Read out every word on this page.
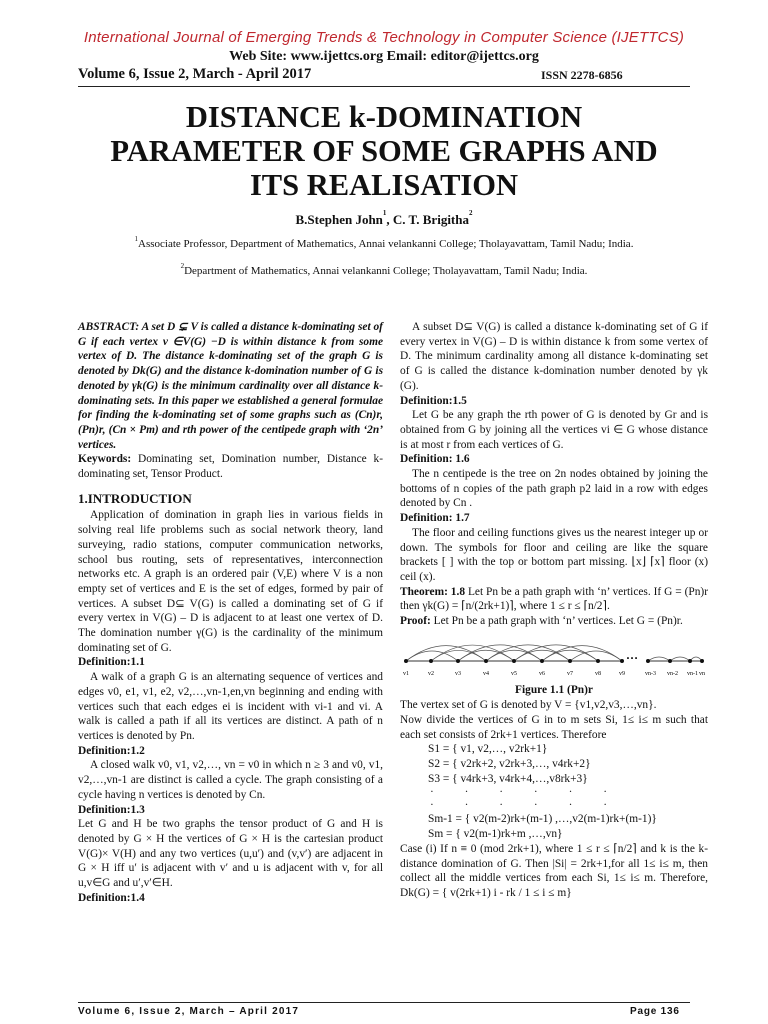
International Journal of Emerging Trends & Technology in Computer Science (IJETTCS)
Web Site: www.ijettcs.org Email: editor@ijettcs.org
Volume 6, Issue 2, March - April 2017	ISSN 2278-6856
DISTANCE k-DOMINATION
PARAMETER OF SOME GRAPHS AND
ITS REALISATION
B.Stephen John$^1$, C. T. Brigitha$^2$
$^1$Associate Professor, Department of Mathematics, Annai velankanni College; Tholayavattam, Tamil Nadu; India.
$^2$Department of Mathematics, Annai velankanni College; Tholayavattam, Tamil Nadu; India.

ABSTRACT: A set D ⊊ V is called a distance k-dominating set of G if each vertex v ∈V(G) −D is within distance k from some vertex of D. The distance k-dominating set of the graph G is denoted by Dk(G) and the distance k-domination number of G is denoted by γk(G) is the minimum cardinality over all distance k-dominating sets. In this paper we established a general formulae for finding the k-dominating set of some graphs such as (Cn)r, (Pn)r, (Cn × Pm) and rth power of the centipede graph with ‘2n’ vertices.

Keywords: Dominating set, Domination number, Distance k- dominating set, Tensor Product.

1.INTRODUCTION

Application of domination in graph lies in various fields in solving real life problems such as social network theory, land surveying, radio stations, computer communication networks, school bus routing, sets of representatives, interconnection networks etc. A graph is an ordered pair (V,E) where V is a non empty set of vertices and E is the set of edges, formed by pair of vertices. A subset D⊆ V(G) is called a dominating set of G if every vertex in V(G) – D is adjacent to at least one vertex of D. The domination number γ(G) is the cardinality of the minimum dominating set of G.

Definition:1.1

A walk of a graph G is an alternating sequence of vertices and edges v0, e1, v1, e2, v2,…,vn-1,en,vn beginning and ending with vertices such that each edges ei is incident with vi-1 and vi. A walk is called a path if all its vertices are distinct. A path of n vertices is denoted by Pn.

Definition:1.2

A closed walk v0, v1, v2,…, vn = v0 in which n ≥ 3 and v0, v1, v2,…,vn-1 are distinct is called a cycle. The graph consisting of a cycle having n vertices is denoted by Cn.

Definition:1.3

Let G and H be two graphs the tensor product of G and H is denoted by G × H the vertices of G × H is the cartesian product V(G)× V(H) and any two vertices (u,u′) and (v,v′) are adjacent in G × H iff u′ is adjacent with v′ and u is adjacent with v, for all u,v∈G and u′,v′∈H.

Definition:1.4

A subset D⊆ V(G) is called a distance k-dominating set of G if every vertex in V(G) – D is within distance k from some vertex of D. The minimum cardinality among all distance k-dominating set of G is called the distance k-domination number denoted by γk (G).

Definition:1.5

Let G be any graph the rth power of G is denoted by Gr and is obtained from G by joining all the vertices vi ∈ G whose distance is at most r from each vertices of G.

Definition: 1.6

The n centipede is the tree on 2n nodes obtained by joining the bottoms of n copies of the path graph p2 laid in a row with edges denoted by Cn .

Definition: 1.7

The floor and ceiling functions gives us the nearest integer up or down. The symbols for floor and ceiling are like the square brackets [ ] with the top or bottom part missing. ⌊x⌋ ⌈x⌉ floor (x) ceil (x).

Theorem: 1.8 Let Pn be a path graph with ‘n’ vertices. If G = (Pn)r then γk(G) = ⌈n/(2rk+1)⌉, where 1 ≤ r ≤ ⌈n/2⌉.

Proof: Let Pn be a path graph with ‘n’ vertices. Let G = (Pn)r.

…
v1	v2	v3	v4	v5	v6	v7	v8	v9	vn-3 vn-2 vn-1 vn

Figure 1.1 (Pn)r

The vertex set of G is denoted by V = {v1,v2,v3,…,vn}.

Now divide the vertices of G in to m sets Si, 1≤ i≤ m such that each set consists of 2rk+1 vertices. Therefore

S1 = { v1, v2,…, v2rk+1}

S2 = { v2rk+2, v2rk+3,…, v4rk+2}

S3 = { v4rk+3, v4rk+4,…,v8rk+3}

· · · · · ·

· · · · · ·

Sm-1 = { v2(m-2)rk+(m-1) ,…,v2(m-1)rk+(m-1)}

Sm = { v2(m-1)rk+m ,…,vn}

Case (i) If n ≡ 0 (mod 2rk+1), where 1 ≤ r ≤ ⌈n/2⌉ and k is the k-distance domination of G. Then |Si| = 2rk+1,for all 1≤ i≤ m, then collect all the middle vertices from each Si, 1≤ i≤ m. Therefore, Dk(G) = { v(2rk+1) i - rk / 1 ≤ i ≤ m}

Volume 6, Issue 2, March – April 2017	Page 136
